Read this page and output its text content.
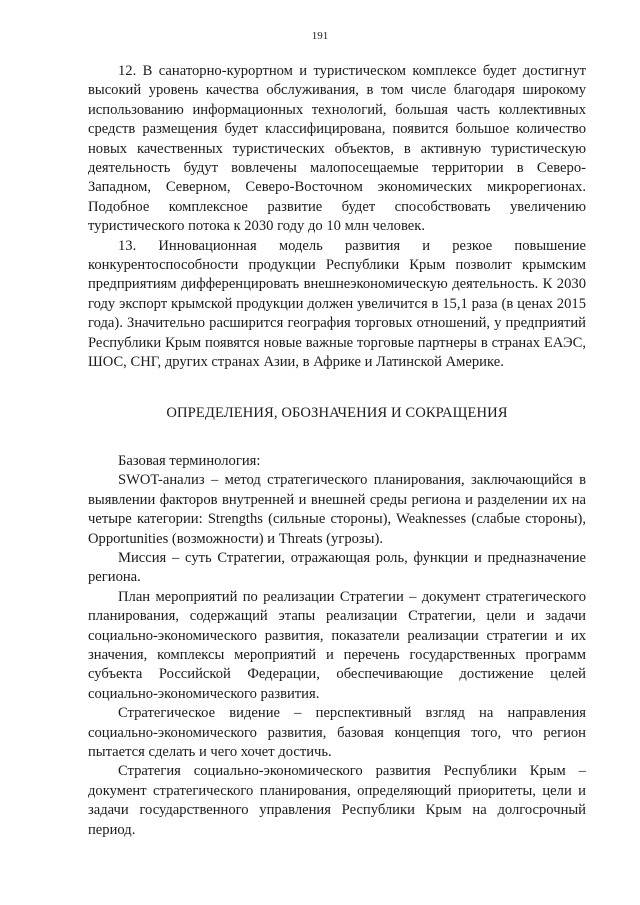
191

12. В санаторно-курортном и туристическом комплексе будет достигнут высокий уровень качества обслуживания, в том числе благодаря широкому использованию информационных технологий, большая часть коллективных средств размещения будет классифицирована, появится большое количество новых качественных туристических объектов, в активную туристическую деятельность будут вовлечены малопосещаемые территории в Северо-Западном, Северном, Северо-Восточном экономических микрорегионах. Подобное комплексное развитие будет способствовать увеличению туристического потока к 2030 году до 10 млн человек.

13. Инновационная модель развития и резкое повышение конкурентоспособности продукции Республики Крым позволит крымским предприятиям дифференцировать внешнеэкономическую деятельность. К 2030 году экспорт крымской продукции должен увеличится в 15,1 раза (в ценах 2015 года). Значительно расширится география торговых отношений, у предприятий Республики Крым появятся новые важные торговые партнеры в странах ЕАЭС, ШОС, СНГ, других странах Азии, в Африке и Латинской Америке.

ОПРЕДЕЛЕНИЯ, ОБОЗНАЧЕНИЯ И СОКРАЩЕНИЯ

Базовая терминология:

SWOT-анализ – метод стратегического планирования, заключающийся в выявлении факторов внутренней и внешней среды региона и разделении их на четыре категории: Strengths (сильные стороны), Weaknesses (слабые стороны), Opportunities (возможности) и Threats (угрозы).

Миссия – суть Стратегии, отражающая роль, функции и предназначение региона.

План мероприятий по реализации Стратегии – документ стратегического планирования, содержащий этапы реализации Стратегии, цели и задачи социально-экономического развития, показатели реализации стратегии и их значения, комплексы мероприятий и перечень государственных программ субъекта Российской Федерации, обеспечивающие достижение целей социально-экономического развития.

Стратегическое видение – перспективный взгляд на направления социально-экономического развития, базовая концепция того, что регион пытается сделать и чего хочет достичь.

Стратегия социально-экономического развития Республики Крым – документ стратегического планирования, определяющий приоритеты, цели и задачи государственного управления Республики Крым на долгосрочный период.
